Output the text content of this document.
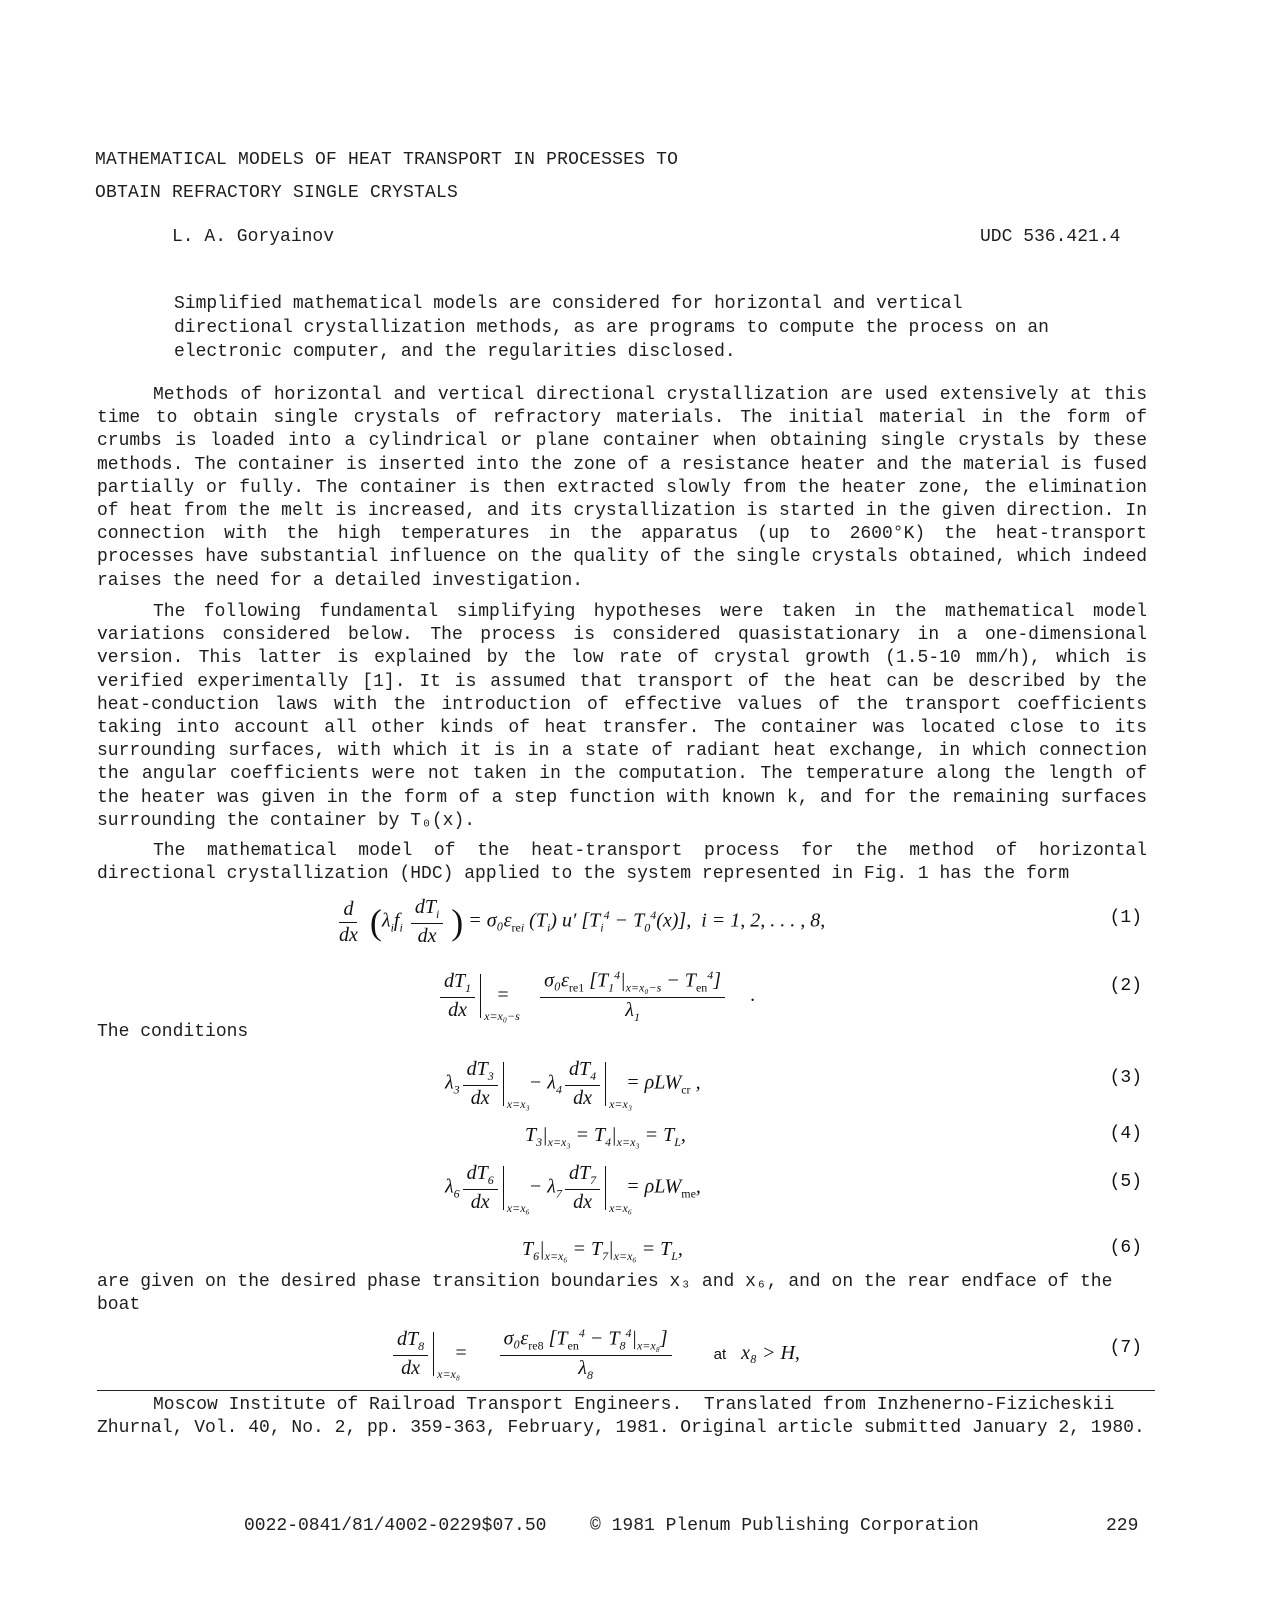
MATHEMATICAL MODELS OF HEAT TRANSPORT IN PROCESSES TO
OBTAIN REFRACTORY SINGLE CRYSTALS
L. A. Goryainov	UDC 536.421.4
Simplified mathematical models are considered for horizontal and vertical directional crystallization methods, as are programs to compute the process on an electronic computer, and the regularities disclosed.
Methods of horizontal and vertical directional crystallization are used extensively at this time to obtain single crystals of refractory materials. The initial material in the form of crumbs is loaded into a cylindrical or plane container when obtaining single crystals by these methods. The container is inserted into the zone of a resistance heater and the material is fused partially or fully. The container is then extracted slowly from the heater zone, the elimination of heat from the melt is increased, and its crystallization is started in the given direction. In connection with the high temperatures in the apparatus (up to 2600°K) the heat-transport processes have substantial influence on the quality of the single crystals obtained, which indeed raises the need for a detailed investigation.
The following fundamental simplifying hypotheses were taken in the mathematical model variations considered below. The process is considered quasistationary in a one-dimensional version. This latter is explained by the low rate of crystal growth (1.5-10 mm/h), which is verified experimentally [1]. It is assumed that transport of the heat can be described by the heat-conduction laws with the introduction of effective values of the transport coefficients taking into account all other kinds of heat transfer. The container was located close to its surrounding surfaces, with which it is in a state of radiant heat exchange, in which connection the angular coefficients were not taken in the computation. The temperature along the length of the heater was given in the form of a step function with known k, and for the remaining surfaces surrounding the container by T₀(x).
The mathematical model of the heat-transport process for the method of horizontal directional crystallization (HDC) applied to the system represented in Fig. 1 has the form
$\frac{d}{dx} (\lambda_if_i \frac{dT_i}{dx}$ ) = $\sigma_0\varepsilon_{rei}$ $(T_i)$ u′ $[T_i^4 - T_0^4(x)]$,  i = 1, 2, . . . , 8,	(1)
$\frac{dT_1}{dx} x=x_0-s$
= $\frac{\sigma_0\varepsilon_{re1} [T_1^4|_{x=x_0-s} - T_{en}^4]}{\lambda_1}$ .	(2)
The conditions
$\lambda_3 \frac{dT_3}{dx} x=x_3$
− $\lambda_4 \frac{dT_4}{dx} x=x_3$
= ρLW$_{cr}$ ,	(3)
$T_3|_{x=x_3} = T_4|_{x=x_3} = T_L$,	(4)
$\lambda_6 \frac{dT_6}{dx} x=x_6$
− $\lambda_7 \frac{dT_7}{dx} x=x_6$
= ρLW$_{me}$,	(5)
$T_6|_{x=x_6} = T_7|_{x=x_6} = T_L$,	(6)
are given on the desired phase transition boundaries x₃ and x₆, and on the rear endface of the boat
$\frac{dT_8}{dx} x=x_8$
= $\frac{\sigma_0\varepsilon_{re8} [T_{en}^4 - T_8^4|_{x=x_8}]}{\lambda_8}$ at x₈ > H,	(7)
Moscow Institute of Railroad Transport Engineers. Translated from Inzhenerno-Fizicheskii Zhurnal, Vol. 40, No. 2, pp. 359-363, February, 1981. Original article submitted January 2, 1980.
0022-0841/81/4002-0229$07.50 © 1981 Plenum Publishing Corporation	229
